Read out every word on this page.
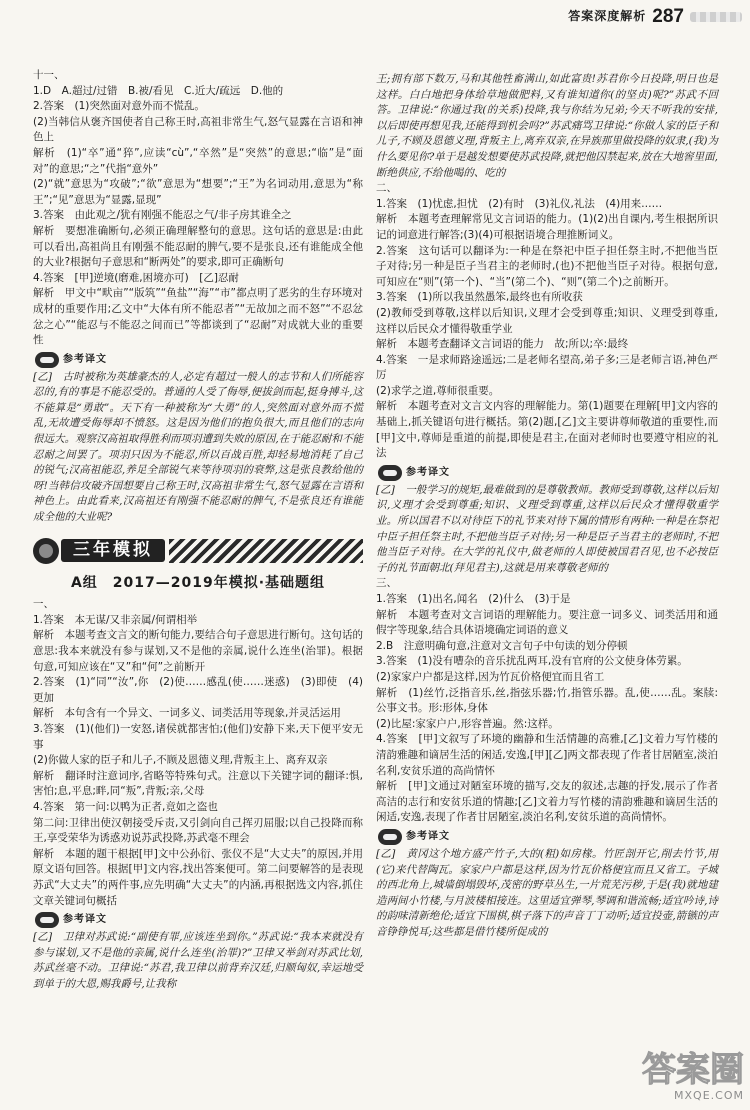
答案深度解析 287

十一、

1.D　A.超过/过错　B.被/看见　C.近大/疏远　D.他的

2.答案　(1)突然面对意外而不慌乱。

(2)当韩信从褒齐国使者自己称王时,高祖非常生气,怒气显露在言语和神色上

解析　(1)“卒”通“猝”,应读“cù”,“卒然”是“突然”的意思;“临”是“面对”的意思;“之”代指“意外”

(2)“就”意思为“攻破”;“欲”意思为“想要”;“王”为名词动用,意思为“称王”;“见”意思为“显露,显现”

3.答案　由此观之/犹有刚强不能忍之气/非子房其谁全之

解析　要想准确断句,必须正确理解整句的意思。这句话的意思是:由此可以看出,高祖尚且有刚强不能忍耐的脾气,要不是张良,还有谁能成全他的大业?根据句子意思和“断两处”的要求,即可正确断句

4.答案　[甲]逆境(磨难,困境亦可)　[乙]忍耐

解析　甲文中“畎亩”“版筑”“鱼盐”“海”“市”都点明了恶劣的生存环境对成材的重要作用;乙文中“大体有所不能忍者”“无故加之而不怒”“不忍忿忿之心”“能忍与不能忍之间而已”等都谈到了“忍耐”对成就大业的重要性

参考译文

[乙]　古时被称为英雄豪杰的人,必定有超过一般人的志节和人们所能容忍的,有的事是不能忍受的。普通的人受了侮辱,便拔剑而起,挺身搏斗,这不能算是“勇敢”。天下有一种被称为“大勇”的人,突然面对意外而不慌乱,无故遭受侮辱却不愤怒。这是因为他们的抱负很大,而且他们的志向很远大。观察汉高祖取得胜利而项羽遭到失败的原因,在于能忍耐和不能忍耐之间罢了。项羽只因为不能忍,所以百战百胜,却轻易地消耗了自己的锐气;汉高祖能忍,养足全部锐气来等待项羽的衰弊,这是张良教给他的呀!当韩信攻破齐国想要自己称王时,汉高祖非常生气,怒气显露在言语和神色上。由此看来,汉高祖还有刚强不能忍耐的脾气,不是张良还有谁能成全他的大业呢?

三年模拟
A组　2017—2019年模拟·基础题组

一、

1.答案　本无谋/又非亲属/何谓相举

解析　本题考查文言文的断句能力,要结合句子意思进行断句。这句话的意思:我本来就没有参与谋划,又不是他的亲属,说什么连坐(治罪)。根据句意,可知应该在“又”和“何”之前断开

2.答案　(1)“同”“汝”,你　(2)使……感乱(使……迷惑)　(3)即使　(4)更加

解析　本句含有一个异文、一词多义、词类活用等现象,并灵活运用

3.答案　(1)(他们)一安怒,诸侯就都害怕;(他们)安静下来,天下便平安无事

(2)你做人家的臣子和儿子,不顾及恩德义理,背叛主上、离弃双亲

解析　翻译时注意词序,省略等特殊句式。注意以下关键字词的翻译:惧,害怕;息,平息;畔,同“叛”,背叛;亲,父母

4.答案　第一问:以鸭为正者,竟如之盗也

第二问:卫律出使汉朝接受斥责,又引剑向自己挥刃屈服;以自己投降而称王,享受荣华为诱惑劝说苏武投降,苏武毫不理会

解析　本题的题干根据[甲]文中公孙衍、张仪不是“大丈夫”的原因,并用原文语句回答。根据[甲]文内容,找出答案便可。第二问要解答的是表现苏武“大丈夫”的两件事,应先明确“大丈夫”的内涵,再根据选文内容,抓住文章关键词句概括

参考译文

[乙]　卫律对苏武说:“副使有罪,应该连坐到你。”苏武说:“我本来就没有参与谋划,又不是他的亲属,说什么连坐(治罪)?”卫律又举剑对苏武比划,苏武丝毫不动。卫律说:“苏君,我卫律以前背弃汉廷,归顺匈奴,幸运地受到单于的大恩,赐我爵号,让我称

王;拥有部下数万,马和其他牲畜满山,如此富贵!苏君你今日投降,明日也是这样。白白地把身体给草地做肥料,又有谁知道你(的坚贞)呢?”苏武不回答。卫律说:“你通过我(的关系)投降,我与你结为兄弟;今天不听我的安排,以后即使再想见我,还能得到机会吗?”苏武痛骂卫律说:“你做人家的臣子和儿子,不顾及恩德义理,背叛主上,离弃双亲,在异族那里做投降的奴隶,(我)为什么要见你?单于是越发想要使苏武投降,就把他囚禁起来,放在大地窖里面,断绝供应,不给他喝的、吃的

二、

1.答案　(1)忧虑,担忧　(2)有时　(3)礼仪,礼法　(4)用来……

解析　本题考查理解常见文言词语的能力。(1)(2)出自课内,考生根据所识记的词意进行解答;(3)(4)可根据语境合理推断词义。

2.答案　这句话可以翻译为:一种是在祭祀中臣子担任祭主时,不把他当臣子对待;另一种是臣子当君主的老师时,(也)不把他当臣子对待。根据句意,可知应在“则”(第一个)、“当”(第二个)、“则”(第二个)之前断开。

3.答案　(1)所以我虽然愚笨,最终也有所收获

(2)教师受到尊敬,这样以后知识,义理才会受到尊重;知识、义理受到尊重,这样以后民众才懂得敬重学业

解析　本题考查翻译文言词语的能力　故;所以;卒:最终

4.答案　一是求师路途遥远;二是老师名望高,弟子多;三是老师言语,神色严厉

(2)求学之道,尊师很重要。

解析　本题考查对文言文内容的理解能力。第(1)题要在理解[甲]文内容的基础上,抓关键语句进行概括。第(2)题,[乙]文主要讲尊师敬道的重要性,而[甲]文中,尊师是重道的前提,即使是君主,在面对老师时也要遵守相应的礼法

参考译文

[乙]　一般学习的规矩,最难做到的是尊敬教师。教师受到尊敬,这样以后知识,义理才会受到尊重;知识、义理受到尊重,这样以后民众才懂得敬重学业。所以国君不以对待臣下的礼节来对待下属的情形有两种:一种是在祭祀中臣子担任祭主时,不把他当臣子对待;另一种是臣子当君主的老师时,不把他当臣子对待。在大学的礼仪中,做老师的人即使被国君召见,也不必按臣子的礼节面朝北(拜见君主),这就是用来尊敬老师的

三、

1.答案　(1)出名,闻名　(2)什么　(3)于是

解析　本题考查对文言词语的理解能力。要注意一词多义、词类活用和通假字等现象,结合具体语境确定词语的意义

2.B　注意明确句意,注意对文言句子中句读的划分停顿

3.答案　(1)没有嘈杂的音乐扰乱两耳,没有官府的公文使身体劳累。

(2)家家户户都是这样,因为竹瓦价格便宜而且省工

解析　(1)丝竹,泛指音乐,丝,指弦乐器;竹,指管乐器。乱,使……乱。案牍:公事文书。形:形体,身体

(2)比屋:家家户户,形容普遍。然:这样。

4.答案　[甲]文叙写了环境的幽静和生活情趣的高雅,[乙]文着力写竹楼的清韵雅趣和谪居生活的闲适,安逸,[甲][乙]两文都表现了作者甘居陋室,淡泊名利,安贫乐道的高尚情怀

解析　[甲]文通过对陋室环境的描写,交友的叙述,志趣的抒发,展示了作者高洁的志行和安贫乐道的情趣;[乙]文着力写竹楼的清韵雅趣和谪居生活的闲适,安逸,表现了作者甘居陋室,淡泊名利,安贫乐道的高尚情怀。

参考译文

[乙]　黄冈这个地方盛产竹子,大的(粗)如房椽。竹匠剖开它,削去竹节,用(它)来代替陶瓦。家家户户都是这样,因为竹瓦价格便宜而且又省工。子城的西北角上,城墙倒塌毁坏,茂密的野草丛生,一片荒芜污秽,于是(我)就地建造两间小竹楼,与月波楼相接连。这里适宜弹琴,琴调和谐流畅;适宜吟诗,诗的韵味清新绝伦;适宜下围棋,棋子落下的声音丁丁动听;适宜投壶,箭镞的声音铮铮悦耳;这些都是借竹楼所促成的

答案圈
MXQE.COM
